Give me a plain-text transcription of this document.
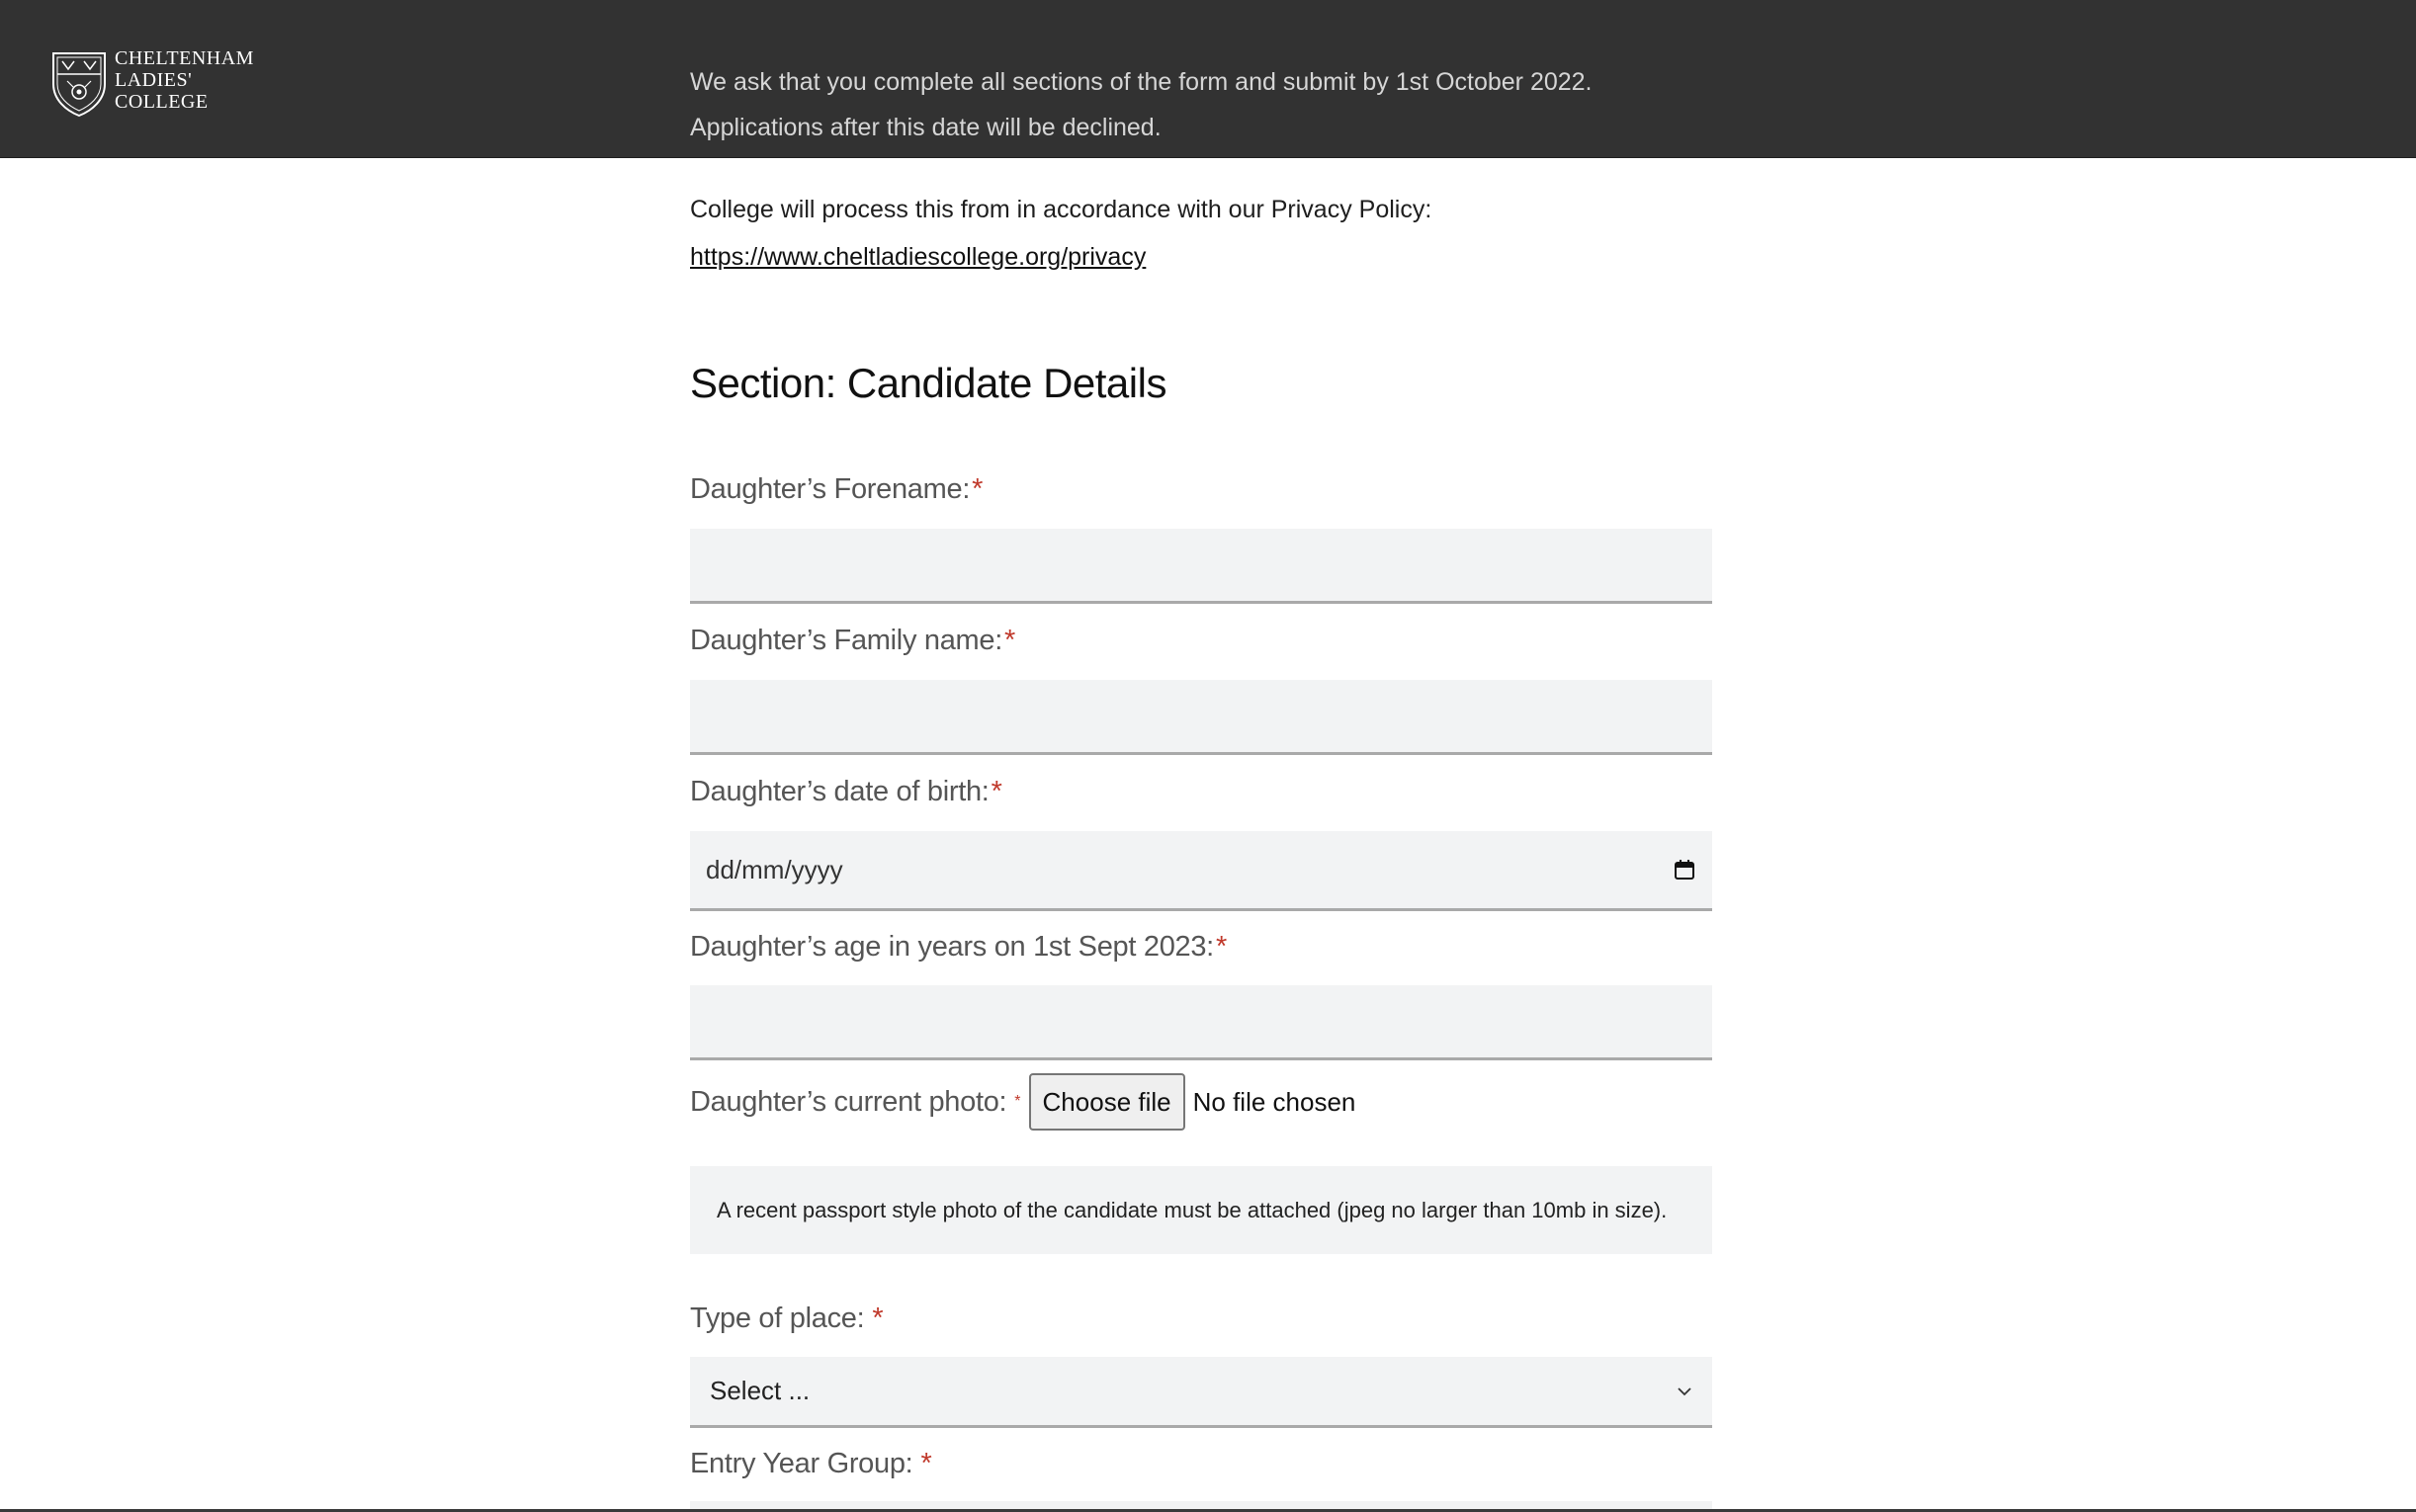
CHELTENHAM
LADIES'
COLLEGE

We ask that you complete all sections of the form and submit by 1st October 2022. Applications after this date will be declined.

College will process this from in accordance with our Privacy Policy:
https://www.cheltladiescollege.org/privacy

Section: Candidate Details
Daughter’s Forename:*
Daughter’s Family name:*
Daughter’s date of birth:*
dd/mm/yyyy
Daughter’s age in years on 1st Sept 2023:*
Daughter’s current photo: * Choose file No file chosen
A recent passport style photo of the candidate must be attached (jpeg no larger than 10mb in size).
Type of place: *
Select ...
Entry Year Group: *
